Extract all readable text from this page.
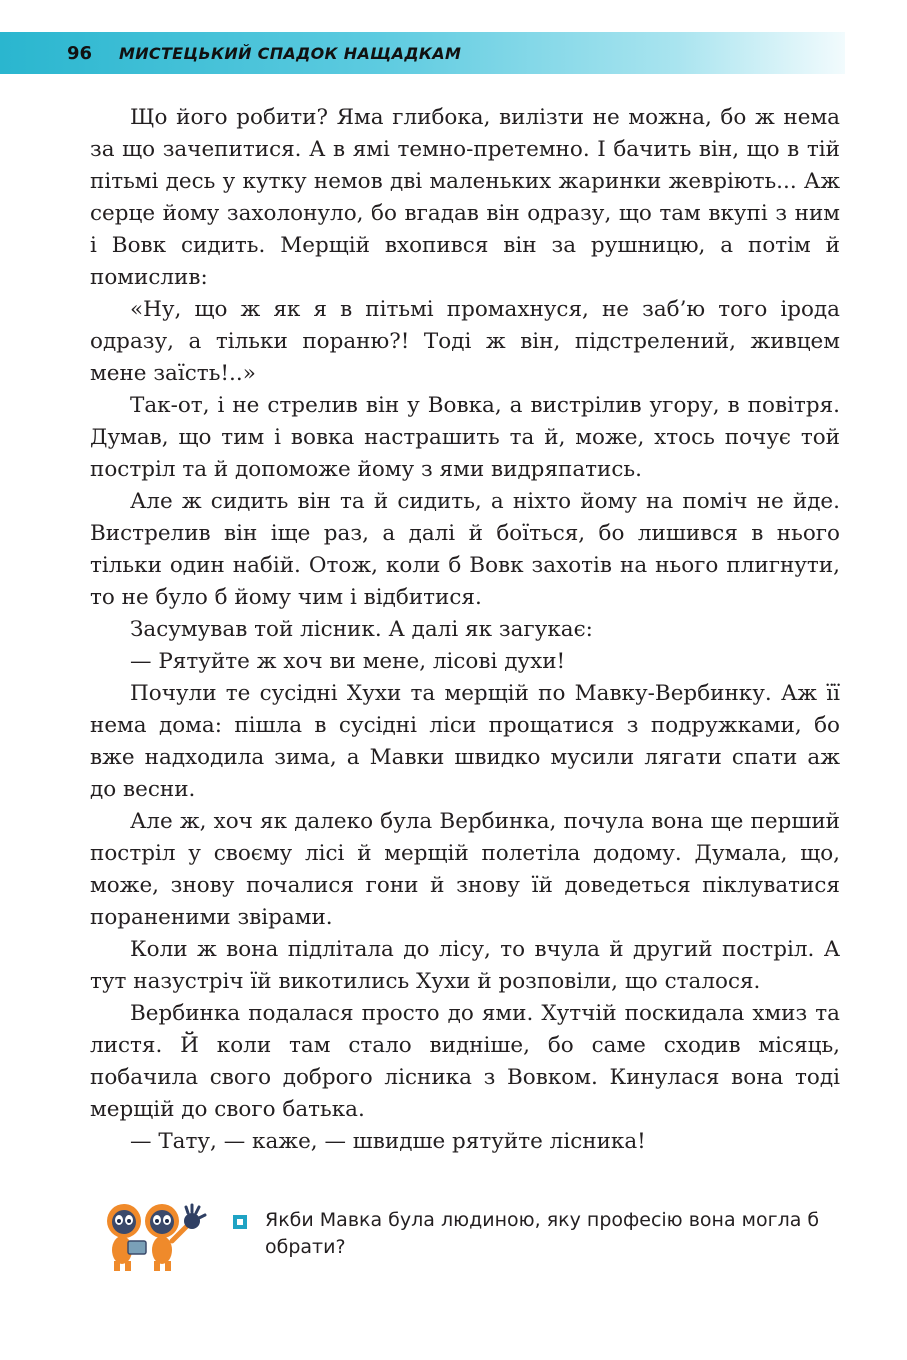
96	МИСТЕЦЬКИЙ СПАДОК НАЩАДКАМ

Що його робити? Яма глибока, вилізти не можна, бо ж нема за що зачепитися. А в ямі темно-претемно. І бачить він, що в тій пітьмі десь у кутку немов дві маленьких жаринки жевріють... Аж серце йому захолонуло, бо вгадав він одразу, що там вкупі з ним і Вовк сидить. Мерщій вхопився він за рушницю, а потім й помислив:

«Ну, що ж як я в пітьмі промахнуся, не заб’ю того ірода одразу, а тільки пораню?! Тоді ж він, підстрелений, живцем мене заїсть!..»

Так-от, і не стрелив він у Вовка, а вистрілив угору, в повітря. Думав, що тим і вовка настрашить та й, може, хтось почує той постріл та й допоможе йому з ями видряпатись.

Але ж сидить він та й сидить, а ніхто йому на поміч не йде. Вистрелив він іще раз, а далі й боїться, бо лишився в нього тільки один набій. Отож, коли б Вовк захотів на нього плигнути, то не було б йому чим і відбитися.

Засумував той лісник. А далі як загукає:

— Рятуйте ж хоч ви мене, лісові духи!

Почули те сусідні Хухи та мерщій по Мавку-Вербинку. Аж її нема дома: пішла в сусідні ліси прощатися з подружками, бо вже надходила зима, а Мавки швидко мусили лягати спати аж до весни.

Але ж, хоч як далеко була Вербинка, почула вона ще перший постріл у своєму лісі й мерщій полетіла додому. Думала, що, може, знову почалися гони й знову їй доведеться піклуватися пораненими звірами.

Коли ж вона підлітала до лісу, то вчула й другий постріл. А тут назустріч їй викотились Хухи й розповіли, що сталося.

Вербинка подалася просто до ями. Хутчій поскидала хмиз та листя. Й коли там стало видніше, бо саме сходив місяць, побачила свого доброго лісника з Вовком. Кинулася вона тоді мерщій до свого батька.

— Тату, — каже, — швидше рятуйте лісника!

Якби Мавка була людиною, яку професію вона могла б обрати?
